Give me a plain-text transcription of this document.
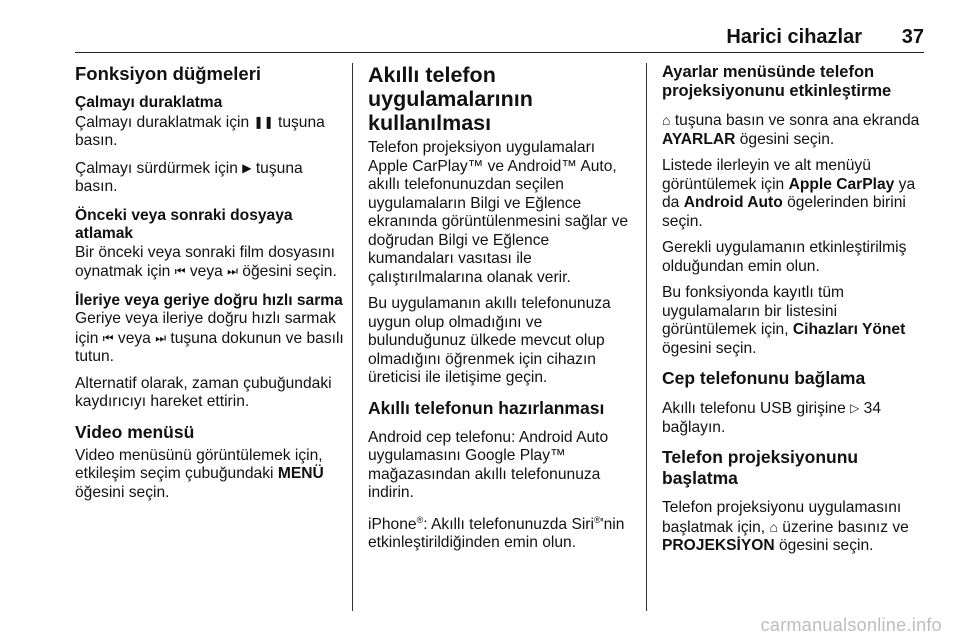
Harici cihazlar 37
Fonksiyon düğmeleri
Çalmayı duraklatma

Çalmayı duraklatmak için ❚❚ tuşuna basın.

Çalmayı sürdürmek için ▶ tuşuna basın.

Önceki veya sonraki dosyaya atlamak

Bir önceki veya sonraki film dosyasını oynatmak için ⏮ veya ⏭ öğesini seçin.

İleriye veya geriye doğru hızlı sarma

Geriye veya ileriye doğru hızlı sarmak için ⏮ veya ⏭ tuşuna dokunun ve basılı tutun.

Alternatif olarak, zaman çubuğundaki kaydırıcıyı hareket ettirin.

Video menüsü

Video menüsünü görüntülemek için, etkileşim seçim çubuğundaki MENÜ öğesini seçin.

Akıllı telefon uygulamalarının kullanılması

Telefon projeksiyon uygulamaları Apple CarPlay™ ve Android™ Auto, akıllı telefonunuzdan seçilen uygulamaların Bilgi ve Eğlence ekranında görüntülenmesini sağlar ve doğrudan Bilgi ve Eğlence kumandaları vasıtası ile çalıştırılmalarına olanak verir.

Bu uygulamanın akıllı telefonunuza uygun olup olmadığını ve bulunduğunuz ülkede mevcut olup olmadığını öğrenmek için cihazın üreticisi ile iletişime geçin.

Akıllı telefonun hazırlanması

Android cep telefonu: Android Auto uygulamasını Google Play™ mağazasından akıllı telefonunuza indirin.

iPhone®: Akıllı telefonunuzda Siri®'nin etkinleştirildiğinden emin olun.

Ayarlar menüsünde telefon projeksiyonunu etkinleştirme

⌂ tuşuna basın ve sonra ana ekranda AYARLAR ögesini seçin.

Listede ilerleyin ve alt menüyü görüntülemek için Apple CarPlay ya da Android Auto ögelerinden birini seçin.

Gerekli uygulamanın etkinleştirilmiş olduğundan emin olun.

Bu fonksiyonda kayıtlı tüm uygulamaların bir listesini görüntülemek için, Cihazları Yönet ögesini seçin.

Cep telefonunu bağlama

Akıllı telefonu USB girişine ▷ 34 bağlayın.

Telefon projeksiyonunu başlatma

Telefon projeksiyonu uygulamasını başlatmak için, ⌂ üzerine basınız ve PROJEKSİYON ögesini seçin.

carmanualsonline.info
